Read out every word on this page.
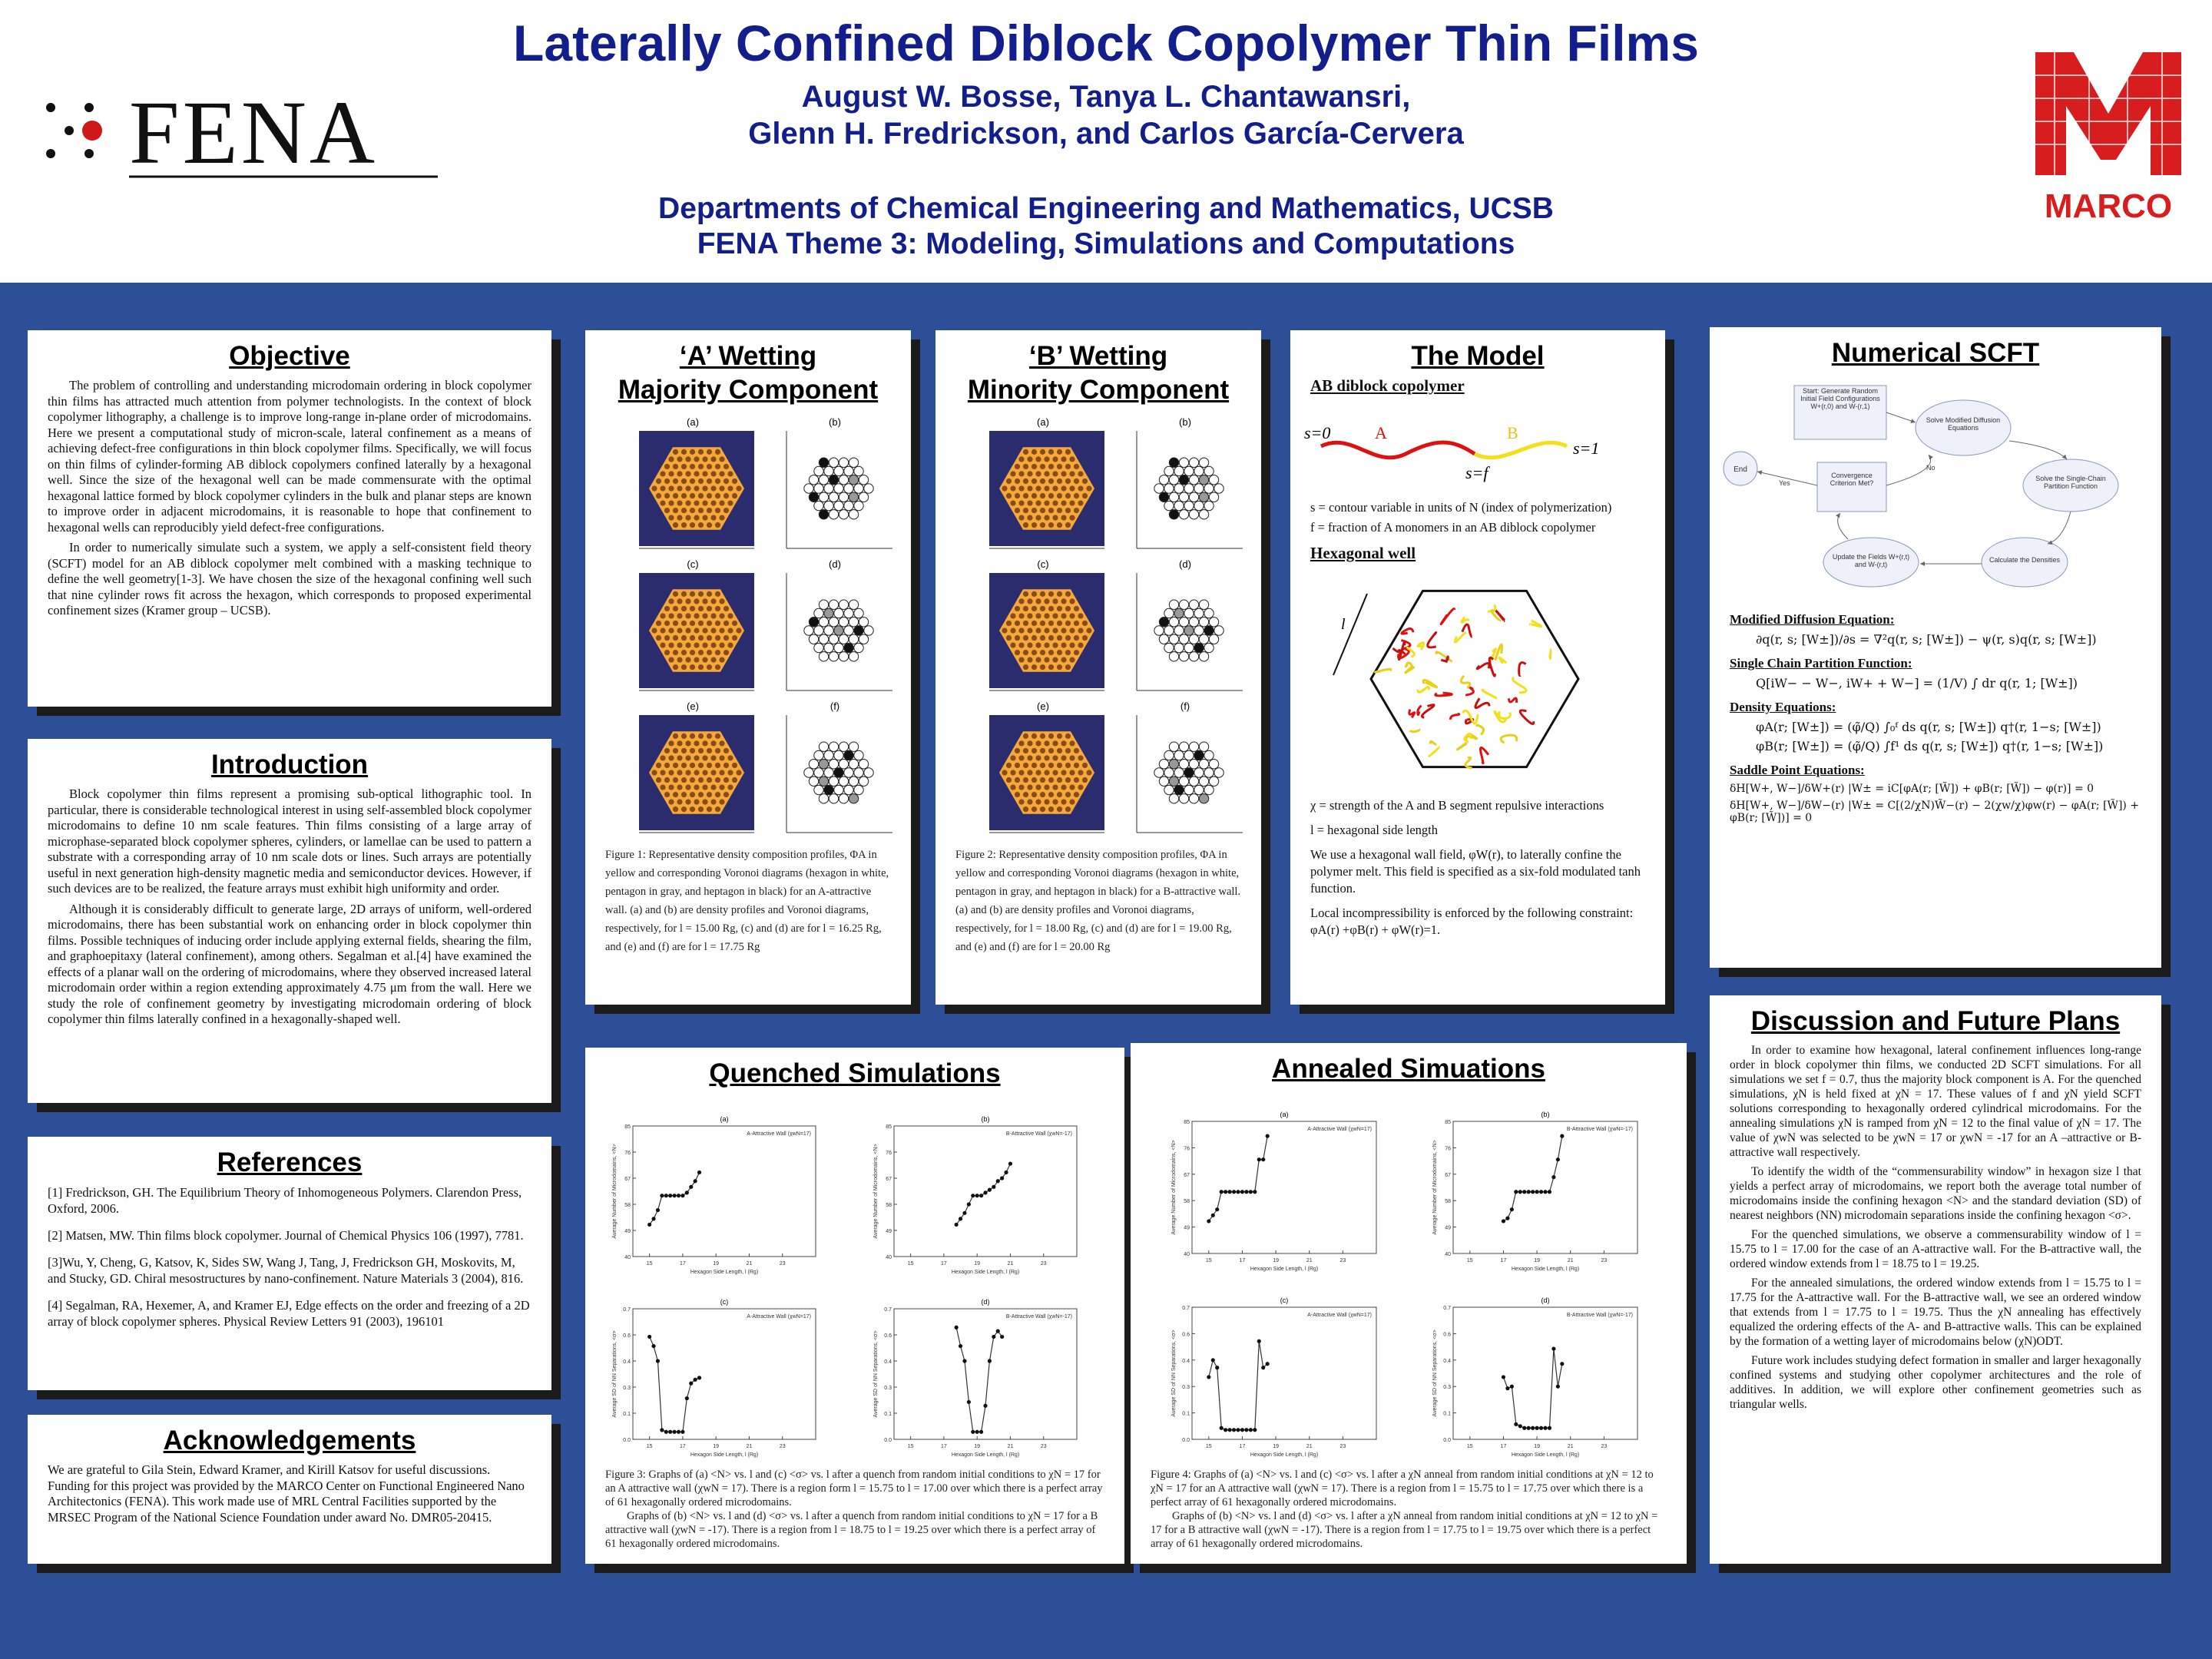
FENA
MARCO
Laterally Confined Diblock Copolymer Thin Films
August W. Bosse, Tanya L. Chantawansri,
Glenn H. Fredrickson, and Carlos García-Cervera
Departments of Chemical Engineering and Mathematics, UCSB
FENA Theme 3: Modeling, Simulations and Computations
Objective

The problem of controlling and understanding microdomain ordering in block copolymer thin films has attracted much attention from polymer technologists. In the context of block copolymer lithography, a challenge is to improve long-range in-plane order of microdomains. Here we present a computational study of micron-scale, lateral confinement as a means of achieving defect-free configurations in thin block copolymer films. Specifically, we will focus on thin films of cylinder-forming AB diblock copolymers confined laterally by a hexagonal well. Since the size of the hexagonal well can be made commensurate with the optimal hexagonal lattice formed by block copolymer cylinders in the bulk and planar steps are known to improve order in adjacent microdomains, it is reasonable to hope that confinement to hexagonal wells can reproducibly yield defect-free configurations.

In order to numerically simulate such a system, we apply a self-consistent field theory (SCFT) model for an AB diblock copolymer melt combined with a masking technique to define the well geometry[1-3]. We have chosen the size of the hexagonal confining well such that nine cylinder rows fit across the hexagon, which corresponds to proposed experimental confinement sizes (Kramer group – UCSB).

Introduction

Block copolymer thin films represent a promising sub-optical lithographic tool. In particular, there is considerable technological interest in using self-assembled block copolymer microdomains to define 10 nm scale features. Thin films consisting of a large array of microphase-separated block copolymer spheres, cylinders, or lamellae can be used to pattern a substrate with a corresponding array of 10 nm scale dots or lines. Such arrays are potentially useful in next generation high-density magnetic media and semiconductor devices. However, if such devices are to be realized, the feature arrays must exhibit high uniformity and order.

Although it is considerably difficult to generate large, 2D arrays of uniform, well-ordered microdomains, there has been substantial work on enhancing order in block copolymer thin films. Possible techniques of inducing order include applying external fields, shearing the film, and graphoepitaxy (lateral confinement), among others. Segalman et al.[4] have examined the effects of a planar wall on the ordering of microdomains, where they observed increased lateral microdomain order within a region extending approximately 4.75 μm from the wall. Here we study the role of confinement geometry by investigating microdomain ordering of block copolymer thin films laterally confined in a hexagonally-shaped well.

References

[1] Fredrickson, GH. The Equilibrium Theory of Inhomogeneous Polymers. Clarendon Press, Oxford, 2006.

[2] Matsen, MW. Thin films block copolymer. Journal of Chemical Physics 106 (1997), 7781.

[3]Wu, Y, Cheng, G, Katsov, K, Sides SW, Wang J, Tang, J, Fredrickson GH, Moskovits, M, and Stucky, GD. Chiral mesostructures by nano-confinement. Nature Materials 3 (2004), 816.

[4] Segalman, RA, Hexemer, A, and Kramer EJ, Edge effects on the order and freezing of a 2D array of block copolymer spheres. Physical Review Letters 91 (2003), 196101

Acknowledgements
We are grateful to Gila Stein, Edward Kramer, and Kirill Katsov for useful discussions. Funding for this project was provided by the MARCO Center on Functional Engineered Nano Architectonics (FENA). This work made use of MRL Central Facilities supported by the MRSEC Program of the National Science Foundation under award No. DMR05-20415.
‘A’ Wetting
Majority Component
(a)	(b)
(c)	(d)
(e)	(f)
Figure 1: Representative density composition profiles, ΦA in yellow and corresponding Voronoi diagrams (hexagon in white, pentagon in gray, and heptagon in black) for an A-attractive wall. (a) and (b) are density profiles and Voronoi diagrams, respectively, for l = 15.00 Rg, (c) and (d) are for l = 16.25 Rg, and (e) and (f) are for l = 17.75 Rg
‘B’ Wetting
Minority Component
(a)	(b)
(c)	(d)
(e)	(f)
Figure 2: Representative density composition profiles, ΦA in yellow and corresponding Voronoi diagrams (hexagon in white, pentagon in gray, and heptagon in black) for a B-attractive wall. (a) and (b) are density profiles and Voronoi diagrams, respectively, for l = 18.00 Rg, (c) and (d) are for l = 19.00 Rg, and (e) and (f) are for l = 20.00 Rg
The Model
AB diblock copolymer
s=0	A	B
s=f
s=1
s = contour variable in units of N (index of polymerization)
f = fraction of A monomers in an AB diblock copolymer
Hexagonal well
l
χ = strength of the A and B segment repulsive interactions
l = hexagonal side length
We use a hexagonal wall field, φW(r), to laterally confine the polymer melt. This field is specified as a six-fold modulated tanh function.
Local incompressibility is enforced by the following constraint: φA(r) +φB(r) + φW(r)=1.
Numerical SCFT
Start: Generate Random Initial Field Configurations W+(r,0) and W-(r,1)
Solve Modified Diffusion Equations
Solve the Single-Chain Partition Function
Calculate the Densities
Update the Fields W+(r,t) and W-(r,t)
Convergence Criterion Met?
End	No
Yes
Modified Diffusion Equation:
∂q(r, s; [W±])/∂s = ∇²q(r, s; [W±]) − ψ(r, s)q(r, s; [W±])
Single Chain Partition Function:
Q[iW− − W−, iW+ + W−] = (1/V) ∫ dr q(r, 1; [W±])
Density Equations:
φA(r; [W±]) = (φ̃/Q) ∫₀ᶠ ds q(r, s; [W±]) q†(r, 1−s; [W±])
φB(r; [W±]) = (φ̃/Q) ∫f¹ ds q(r, s; [W±]) q†(r, 1−s; [W±])
Saddle Point Equations:
δH[W+, W−]/δW+(r) |W± = iC[φA(r; [W̃]) + φB(r; [W̃]) − φ(r)] = 0
δH[W+, W−]/δW−(r) |W± = C[(2/χN)W̃−(r) − 2(χw/χ)φw(r) − φA(r; [W̃]) + φB(r; [W̃])] = 0
Quenched Simulations
(a)
A-Attractive Wall (χwN=17)
Average Number of Microdomains, <N>
Hexagon Side Length, l (Rg)
15	17	19	21	23
40
49
58
67
76
85
(b)
B-Attractive Wall (χwN=-17)
Average Number of Microdomains, <N>
Hexagon Side Length, l (Rg)
15	17	19	21	23
40
49
58
67
76
85
(c)
A-Attractive Wall (χwN=17)
Average SD of NN Separations, <σ>
Hexagon Side Length, l (Rg)
15	17	19	21	23
0.0
0.1
0.3
0.4
0.6
0.7
(d)
B-Attractive Wall (χwN=-17)
Average SD of NN Separations, <σ>
Hexagon Side Length, l (Rg)
15	17	19	21	23
0.0
0.1
0.3
0.4
0.6
0.7
Figure 3: Graphs of (a) <N> vs. l and (c) <σ> vs. l after a quench from random initial conditions to χN = 17 for an A attractive wall (χwN = 17). There is a region form l = 15.75 to l = 17.00 over which there is a perfect array of 61 hexagonally ordered microdomains.
Graphs of (b) <N> vs. l and (d) <σ> vs. l after a quench from random initial conditions to χN = 17 for a B attractive wall (χwN = -17). There is a region from l = 18.75 to l = 19.25 over which there is a perfect array of 61 hexagonally ordered microdomains.
Annealed Simuations
(a)
A-Attractive Wall (χwN=17)
Average Number of Microdomains, <N>
Hexagon Side Length, l (Rg)
15	17	19	21	23
40
49
58
67
76
85
(b)
B-Attractive Wall (χwN=-17)
Average Number of Microdomains, <N>
Hexagon Side Length, l (Rg)
15	17	19	21	23
40
49
58
67
76
85
(c)
A-Attractive Wall (χwN=17)
Average SD of NN Separations, <σ>
Hexagon Side Length, l (Rg)
15	17	19	21	23
0.0
0.1
0.3
0.4
0.6
0.7
(d)
B-Attractive Wall (χwN=-17)
Average SD of NN Separations, <σ>
Hexagon Side Length, l (Rg)
15	17	19	21	23
0.0
0.1
0.3
0.4
0.6
0.7
Figure 4: Graphs of (a) <N> vs. l and (c) <σ> vs. l after a χN anneal from random initial conditions at χN = 12 to χN = 17 for an A attractive wall (χwN = 17). There is a region from l = 15.75 to l = 17.75 over which there is a perfect array of 61 hexagonally ordered microdomains.
Graphs of (b) <N> vs. l and (d) <σ> vs. l after a χN anneal from random initial conditions at χN = 12 to χN = 17 for a B attractive wall (χwN = -17). There is a region from l = 17.75 to l = 19.75 over which there is a perfect array of 61 hexagonally ordered microdomains.
Discussion and Future Plans

In order to examine how hexagonal, lateral confinement influences long-range order in block copolymer thin films, we conducted 2D SCFT simulations. For all simulations we set f = 0.7, thus the majority block component is A. For the quenched simulations, χN is held fixed at χN = 17. These values of f and χN yield SCFT solutions corresponding to hexagonally ordered cylindrical microdomains. For the annealing simulations χN is ramped from χN = 12 to the final value of χN = 17. The value of χwN was selected to be χwN = 17 or χwN = -17 for an A –attractive or B-attractive wall respectively.

To identify the width of the “commensurability window” in hexagon size l that yields a perfect array of microdomains, we report both the average total number of microdomains inside the confining hexagon <N> and the standard deviation (SD) of nearest neighbors (NN) microdomain separations inside the confining hexagon <σ>.

For the quenched simulations, we observe a commensurability window of l = 15.75 to l = 17.00 for the case of an A-attractive wall. For the B-attractive wall, the ordered window extends from l = 18.75 to l = 19.25.

For the annealed simulations, the ordered window extends from l = 15.75 to l = 17.75 for the A-attractive wall. For the B-attractive wall, we see an ordered window that extends from l = 17.75 to l = 19.75. Thus the χN annealing has effectively equalized the ordering effects of the A- and B-attractive walls. This can be explained by the formation of a wetting layer of microdomains below (χN)ODT.

Future work includes studying defect formation in smaller and larger hexagonally confined systems and studying other copolymer architectures and the role of additives. In addition, we will explore other confinement geometries such as triangular wells.
